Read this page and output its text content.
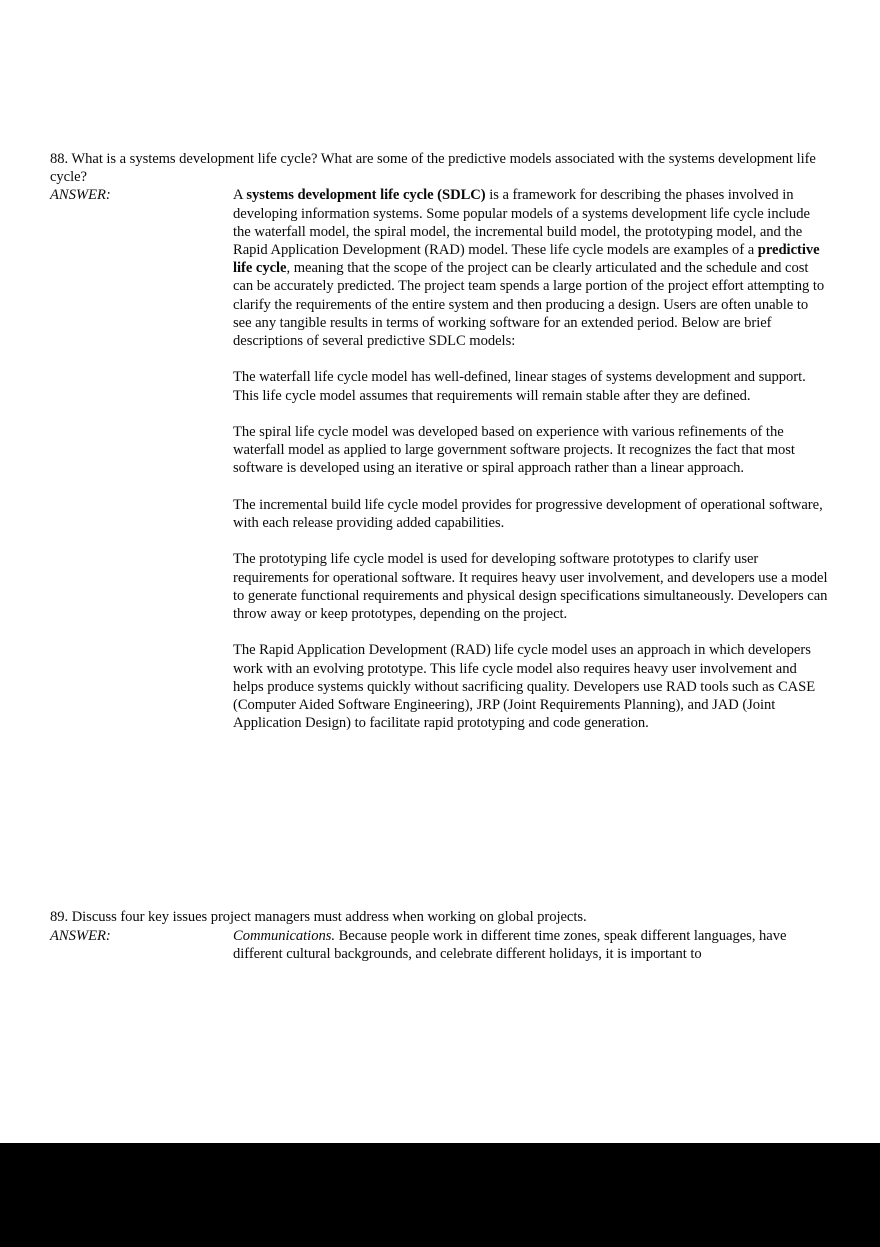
88. What is a systems development life cycle? What are some of the predictive models associated with the systems development life cycle?

ANSWER:	A systems development life cycle (SDLC) is a framework for describing the phases involved in developing information systems. Some popular models of a systems development life cycle include the waterfall model, the spiral model, the incremental build model, the prototyping model, and the Rapid Application Development (RAD) model. These life cycle models are examples of a predictive life cycle, meaning that the scope of the project can be clearly articulated and the schedule and cost can be accurately predicted. The project team spends a large portion of the project effort attempting to clarify the requirements of the entire system and then producing a design. Users are often unable to see any tangible results in terms of working software for an extended period. Below are brief descriptions of several predictive SDLC models:

The waterfall life cycle model has well-defined, linear stages of systems development and support. This life cycle model assumes that requirements will remain stable after they are defined.

The spiral life cycle model was developed based on experience with various refinements of the waterfall model as applied to large government software projects. It recognizes the fact that most software is developed using an iterative or spiral approach rather than a linear approach.

The incremental build life cycle model provides for progressive development of operational software, with each release providing added capabilities.

The prototyping life cycle model is used for developing software prototypes to clarify user requirements for operational software. It requires heavy user involvement, and developers use a model to generate functional requirements and physical design specifications simultaneously. Developers can throw away or keep prototypes, depending on the project.

The Rapid Application Development (RAD) life cycle model uses an approach in which developers work with an evolving prototype. This life cycle model also requires heavy user involvement and helps produce systems quickly without sacrificing quality. Developers use RAD tools such as CASE (Computer Aided Software Engineering), JRP (Joint Requirements Planning), and JAD (Joint Application Design) to facilitate rapid prototyping and code generation.

89. Discuss four key issues project managers must address when working on global projects.

ANSWER:	Communications. Because people work in different time zones, speak different languages, have different cultural backgrounds, and celebrate different holidays, it is important to
